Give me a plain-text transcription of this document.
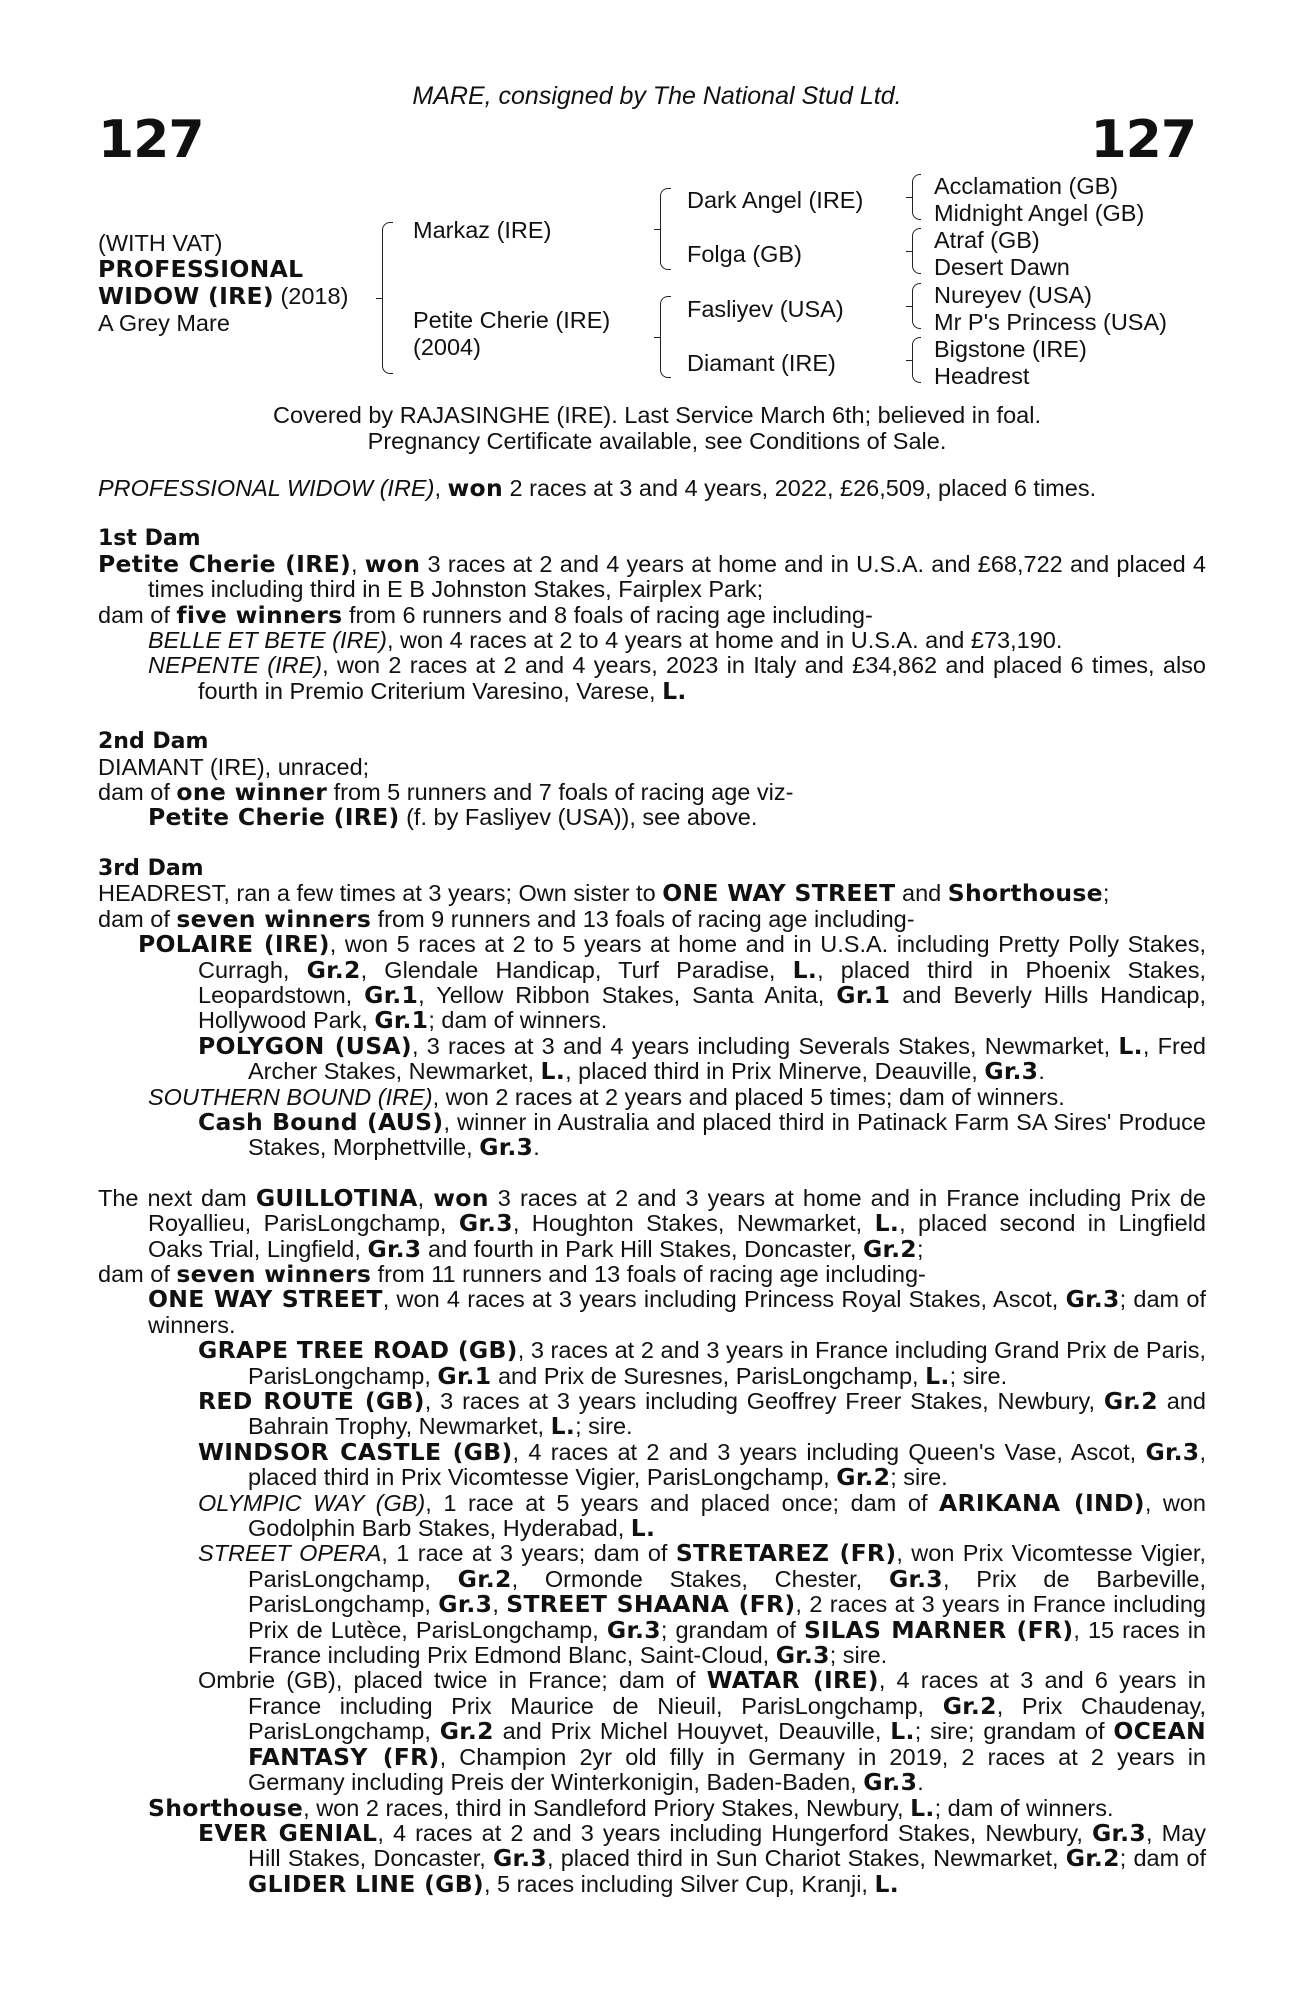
MARE, consigned by The National Stud Ltd.
127	127
(WITH VAT)
PROFESSIONAL
WIDOW (IRE) (2018)
A Grey Mare
Markaz (IRE)
Petite Cherie (IRE)
(2004)
Dark Angel (IRE)
Folga (GB)
Fasliyev (USA)
Diamant (IRE)
Acclamation (GB)
Midnight Angel (GB)
Atraf (GB)
Desert Dawn
Nureyev (USA)
Mr P's Princess (USA)
Bigstone (IRE)
Headrest
Covered by RAJASINGHE (IRE). Last Service March 6th; believed in foal.
Pregnancy Certificate available, see Conditions of Sale.

PROFESSIONAL WIDOW (IRE), won 2 races at 3 and 4 years, 2022, £26,509, placed 6 times.

1st Dam

Petite Cherie (IRE), won 3 races at 2 and 4 years at home and in U.S.A. and £68,722 and placed 4 times including third in E B Johnston Stakes, Fairplex Park;

dam of five winners from 6 runners and 8 foals of racing age including-

BELLE ET BETE (IRE), won 4 races at 2 to 4 years at home and in U.S.A. and £73,190.

NEPENTE (IRE), won 2 races at 2 and 4 years, 2023 in Italy and £34,862 and placed 6 times, also fourth in Premio Criterium Varesino, Varese, L.

2nd Dam

DIAMANT (IRE), unraced;

dam of one winner from 5 runners and 7 foals of racing age viz-

Petite Cherie (IRE) (f. by Fasliyev (USA)), see above.

3rd Dam

HEADREST, ran a few times at 3 years; Own sister to ONE WAY STREET and Shorthouse;

dam of seven winners from 9 runners and 13 foals of racing age including-

POLAIRE (IRE), won 5 races at 2 to 5 years at home and in U.S.A. including Pretty Polly Stakes, Curragh, Gr.2, Glendale Handicap, Turf Paradise, L., placed third in Phoenix Stakes, Leopardstown, Gr.1, Yellow Ribbon Stakes, Santa Anita, Gr.1 and Beverly Hills Handicap, Hollywood Park, Gr.1; dam of winners.

POLYGON (USA), 3 races at 3 and 4 years including Severals Stakes, Newmarket, L., Fred Archer Stakes, Newmarket, L., placed third in Prix Minerve, Deauville, Gr.3.

SOUTHERN BOUND (IRE), won 2 races at 2 years and placed 5 times; dam of winners.

Cash Bound (AUS), winner in Australia and placed third in Patinack Farm SA Sires' Produce Stakes, Morphettville, Gr.3.

The next dam GUILLOTINA, won 3 races at 2 and 3 years at home and in France including Prix de Royallieu, ParisLongchamp, Gr.3, Houghton Stakes, Newmarket, L., placed second in Lingfield Oaks Trial, Lingfield, Gr.3 and fourth in Park Hill Stakes, Doncaster, Gr.2;

dam of seven winners from 11 runners and 13 foals of racing age including-

ONE WAY STREET, won 4 races at 3 years including Princess Royal Stakes, Ascot, Gr.3; dam of winners.

GRAPE TREE ROAD (GB), 3 races at 2 and 3 years in France including Grand Prix de Paris, ParisLongchamp, Gr.1 and Prix de Suresnes, ParisLongchamp, L.; sire.

RED ROUTE (GB), 3 races at 3 years including Geoffrey Freer Stakes, Newbury, Gr.2 and Bahrain Trophy, Newmarket, L.; sire.

WINDSOR CASTLE (GB), 4 races at 2 and 3 years including Queen's Vase, Ascot, Gr.3, placed third in Prix Vicomtesse Vigier, ParisLongchamp, Gr.2; sire.

OLYMPIC WAY (GB), 1 race at 5 years and placed once; dam of ARIKANA (IND), won Godolphin Barb Stakes, Hyderabad, L.

STREET OPERA, 1 race at 3 years; dam of STRETAREZ (FR), won Prix Vicomtesse Vigier, ParisLongchamp, Gr.2, Ormonde Stakes, Chester, Gr.3, Prix de Barbeville, ParisLongchamp, Gr.3, STREET SHAANA (FR), 2 races at 3 years in France including Prix de Lutèce, ParisLongchamp, Gr.3; grandam of SILAS MARNER (FR), 15 races in France including Prix Edmond Blanc, Saint-Cloud, Gr.3; sire.

Ombrie (GB), placed twice in France; dam of WATAR (IRE), 4 races at 3 and 6 years in France including Prix Maurice de Nieuil, ParisLongchamp, Gr.2, Prix Chaudenay, ParisLongchamp, Gr.2 and Prix Michel Houyvet, Deauville, L.; sire; grandam of OCEAN FANTASY (FR), Champion 2yr old filly in Germany in 2019, 2 races at 2 years in Germany including Preis der Winterkonigin, Baden-Baden, Gr.3.

Shorthouse, won 2 races, third in Sandleford Priory Stakes, Newbury, L.; dam of winners.

EVER GENIAL, 4 races at 2 and 3 years including Hungerford Stakes, Newbury, Gr.3, May Hill Stakes, Doncaster, Gr.3, placed third in Sun Chariot Stakes, Newmarket, Gr.2; dam of GLIDER LINE (GB), 5 races including Silver Cup, Kranji, L.
